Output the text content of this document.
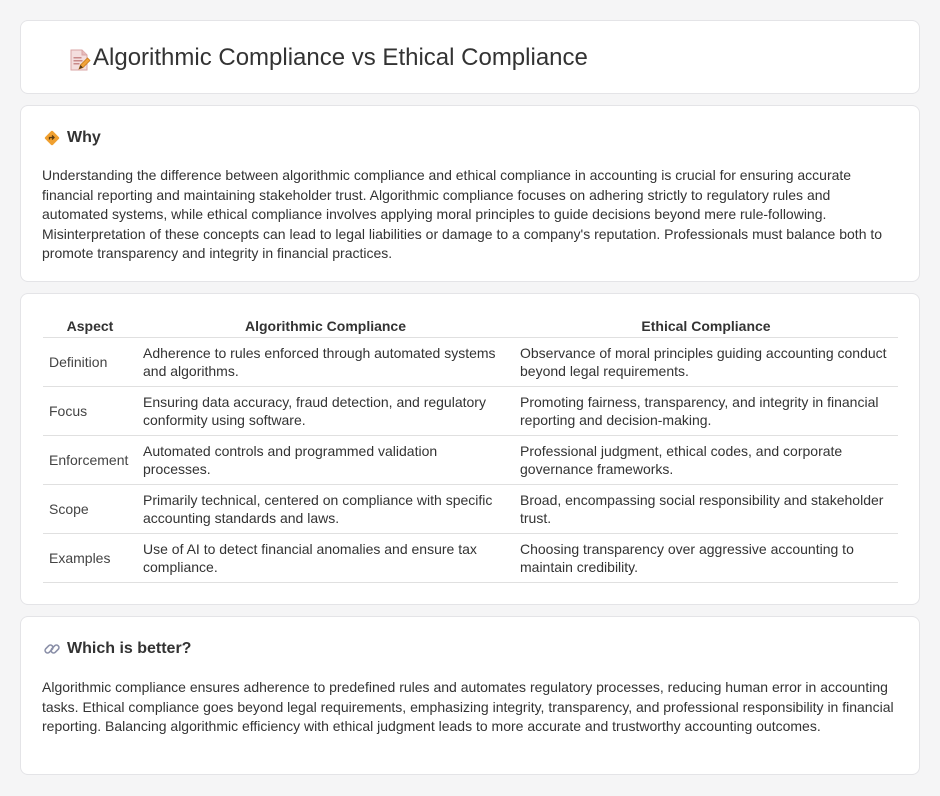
Algorithmic Compliance vs Ethical Compliance
Why

Understanding the difference between algorithmic compliance and ethical compliance in accounting is crucial for ensuring accurate financial reporting and maintaining stakeholder trust. Algorithmic compliance focuses on adhering strictly to regulatory rules and automated systems, while ethical compliance involves applying moral principles to guide decisions beyond mere rule-following. Misinterpretation of these concepts can lead to legal liabilities or damage to a company's reputation. Professionals must balance both to promote transparency and integrity in financial practices.

Aspect	Algorithmic Compliance	Ethical Compliance
Definition	Adherence to rules enforced through automated systems and algorithms.	Observance of moral principles guiding accounting conduct beyond legal requirements.
Focus	Ensuring data accuracy, fraud detection, and regulatory conformity using software.	Promoting fairness, transparency, and integrity in financial reporting and decision-making.
Enforcement	Automated controls and programmed validation processes.	Professional judgment, ethical codes, and corporate governance frameworks.
Scope	Primarily technical, centered on compliance with specific accounting standards and laws.	Broad, encompassing social responsibility and stakeholder trust.
Examples	Use of AI to detect financial anomalies and ensure tax compliance.	Choosing transparency over aggressive accounting to maintain credibility.
Which is better?

Algorithmic compliance ensures adherence to predefined rules and automates regulatory processes, reducing human error in accounting tasks. Ethical compliance goes beyond legal requirements, emphasizing integrity, transparency, and professional responsibility in financial reporting. Balancing algorithmic efficiency with ethical judgment leads to more accurate and trustworthy accounting outcomes.
